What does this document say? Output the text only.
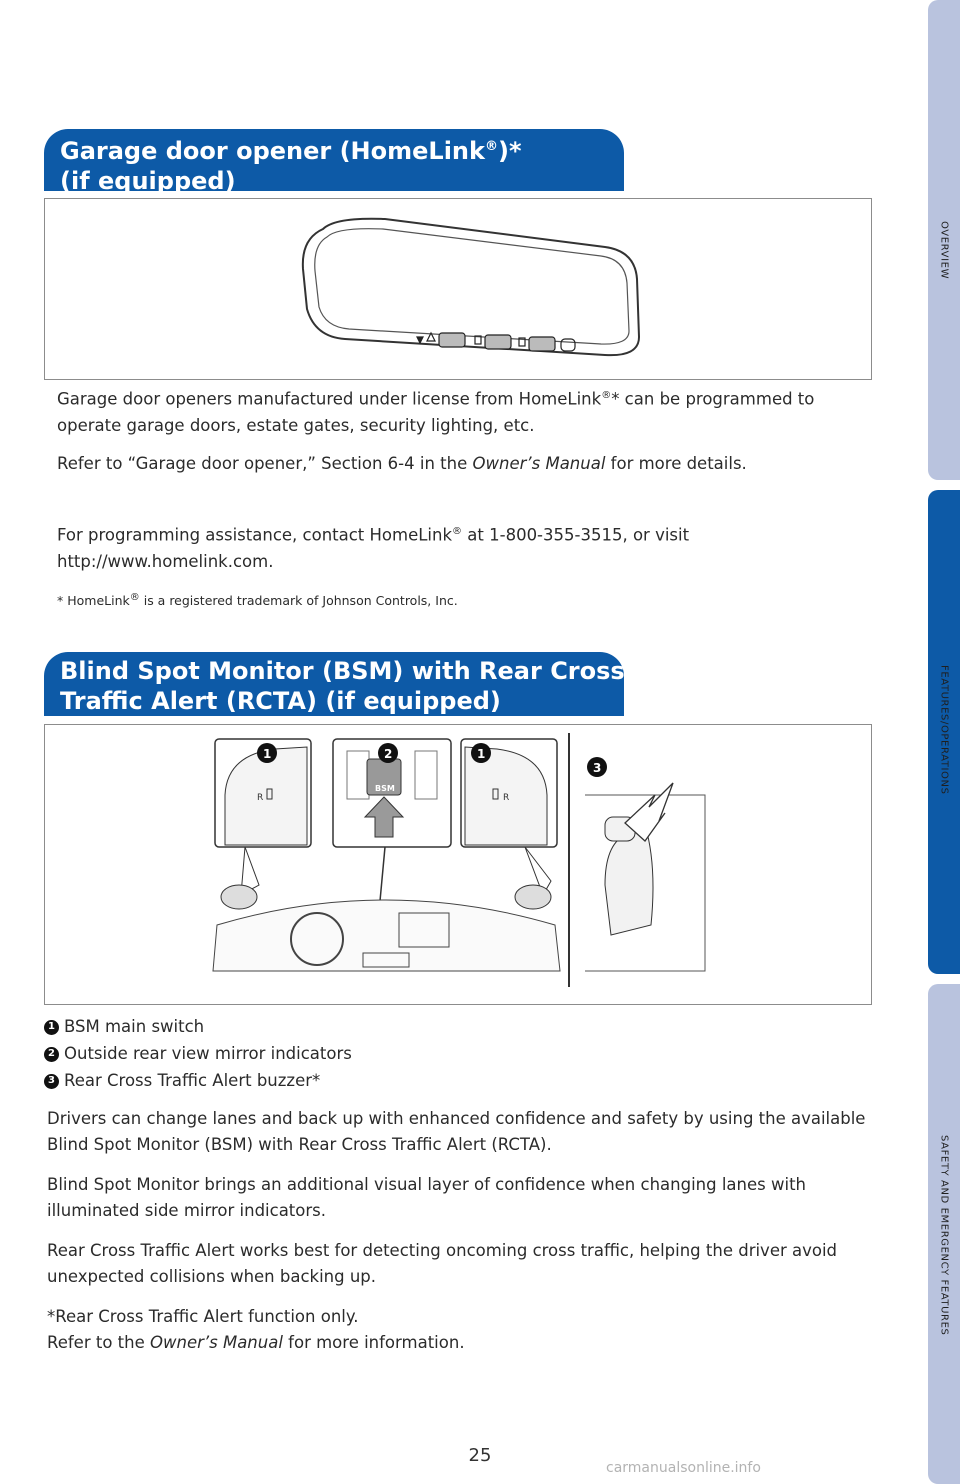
OVERVIEW
FEATURES/OPERATIONS
SAFETY AND EMERGENCY FEATURES
Garage door opener (HomeLink®)*
(if equipped)
Garage door openers manufactured under license from HomeLink®* can be programmed to operate garage doors, estate gates, security lighting, etc.
Refer to “Garage door opener,” Section 6-4 in the Owner’s Manual for more details.
For programming assistance, contact HomeLink® at 1-800-355-3515, or visit http://www.homelink.com.
* HomeLink® is a registered trademark of Johnson Controls, Inc.
Blind Spot Monitor (BSM) with Rear Cross
Traffic Alert (RCTA) (if equipped)
R
BSM
R
1	2	1
3
1 BSM main switch
2 Outside rear view mirror indicators
3 Rear Cross Traffic Alert buzzer*
Drivers can change lanes and back up with enhanced confidence and safety by using the available Blind Spot Monitor (BSM) with Rear Cross Traffic Alert (RCTA).
Blind Spot Monitor brings an additional visual layer of confidence when changing lanes with illuminated side mirror indicators.
Rear Cross Traffic Alert works best for detecting oncoming cross traffic, helping the driver avoid unexpected collisions when backing up.
*Rear Cross Traffic Alert function only.
Refer to the Owner’s Manual for more information.
25
carmanualsonline.info
